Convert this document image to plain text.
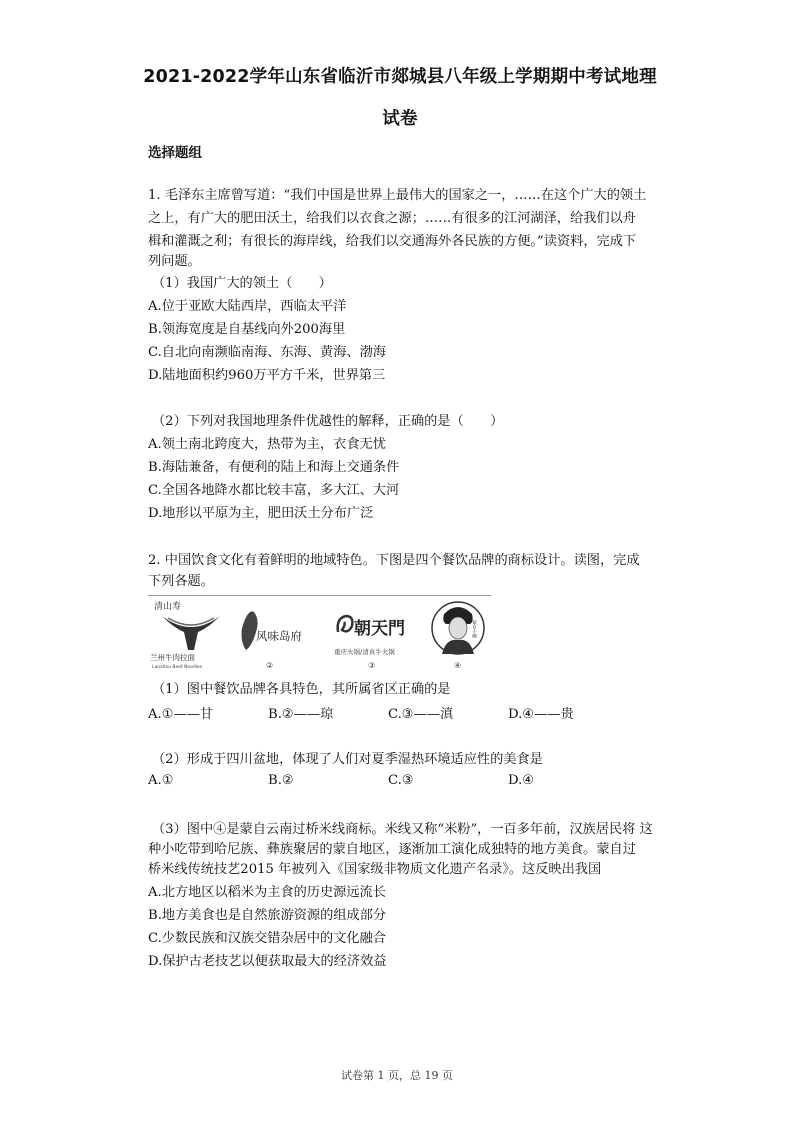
2021-2022学年山东省临沂市郯城县八年级上学期期中考试地理
试卷
选择题组
1. 毛泽东主席曾写道：“我们中国是世界上最伟大的国家之一，……在这个广大的领土
之上，有广大的肥田沃土，给我们以衣食之源；……有很多的江河湖泽，给我们以舟
楫和灌溉之利；有很长的海岸线，给我们以交通海外各民族的方便。”读资料，完成下
列问题。
（1）我国广大的领土（　　）
A.位于亚欧大陆西岸，西临太平洋
B.领海宽度是自基线向外200海里
C.自北向南濒临南海、东海、黄海、渤海
D.陆地面积约960万平方千米，世界第三
（2）下列对我国地理条件优越性的解释，正确的是（　　）
A.领土南北跨度大，热带为主，衣食无忧
B.海陆兼备，有便利的陆上和海上交通条件
C.全国各地降水都比较丰富，多大江、大河
D.地形以平原为主，肥田沃土分布广泛
2. 中国饮食文化有着鲜明的地域特色。下图是四个餐饮品牌的商标设计。读图，完成
下列各题。
清山寿
兰州牛肉拉面
Lanzhou Beef Noodles
风味岛府
②
朝天門
重庆火锅/清真牛火锅
③
蒙自小碗
④
（1）图中餐饮品牌各具特色，其所属省区正确的是
A.①——甘	B.②——琼	C.③——滇	D.④——贵
（2）形成于四川盆地，体现了人们对夏季湿热环境适应性的美食是
A.①	B.②	C.③	D.④
（3）图中④是蒙自云南过桥米线商标。米线又称“米粉”，一百多年前，汉族居民将 这
种小吃带到哈尼族、彝族聚居的蒙自地区，逐渐加工演化成独特的地方美食。蒙自过
桥米线传统技艺2015 年被列入《国家级非物质文化遗产名录》。这反映出我国
A.北方地区以稻米为主食的历史源远流长
B.地方美食也是自然旅游资源的组成部分
C.少数民族和汉族交错杂居中的文化融合
D.保护古老技艺以便获取最大的经济效益
试卷第 1 页，总 19 页
